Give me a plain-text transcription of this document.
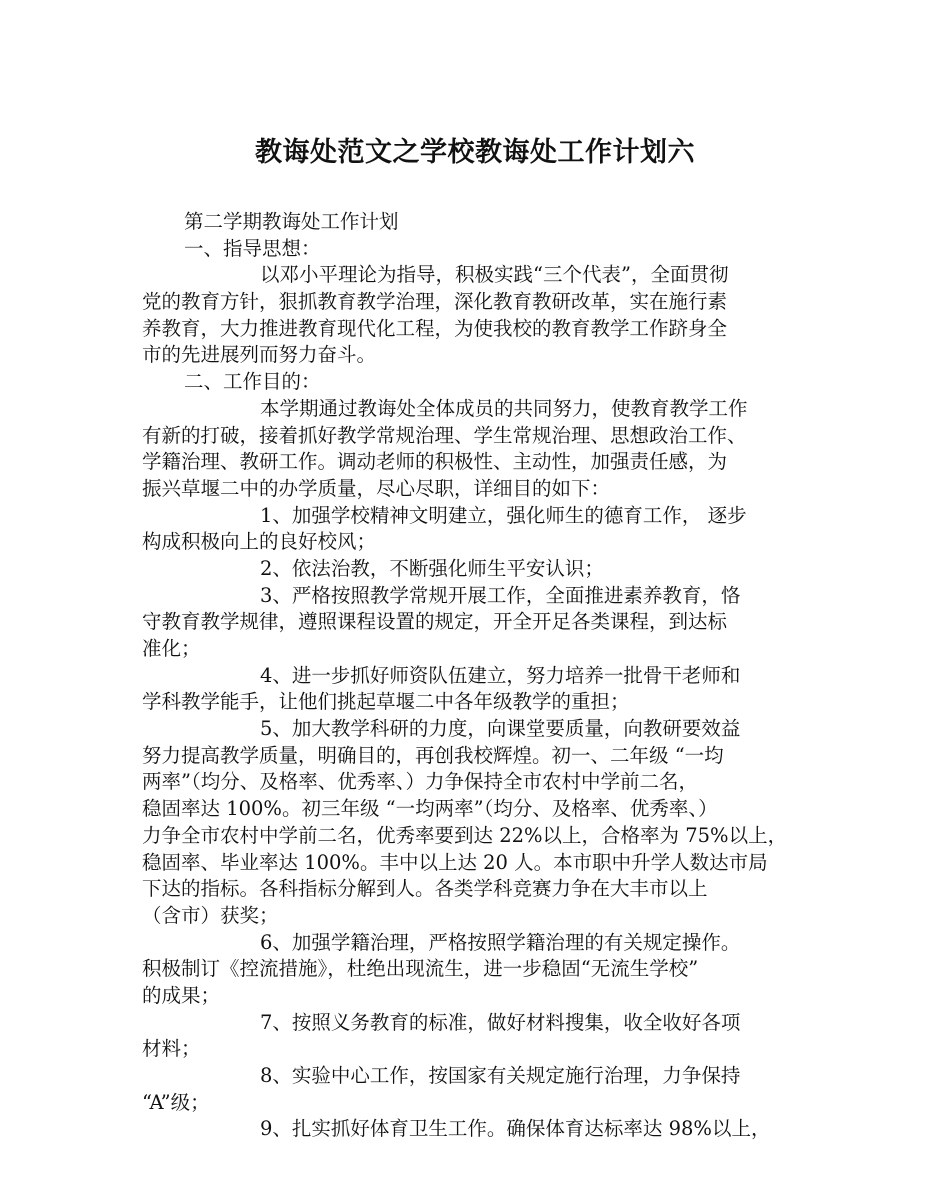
教诲处范文之学校教诲处工作计划六
第二学期教诲处工作计划
一、指导思想：
以邓小平理论为指导，积极实践“三个代表”，全面贯彻
党的教育方针，狠抓教育教学治理，深化教育教研改革，实在施行素
养教育，大力推进教育现代化工程，为使我校的教育教学工作跻身全
市的先进展列而努力奋斗。
二、工作目的：
本学期通过教诲处全体成员的共同努力，使教育教学工作
有新的打破，接着抓好教学常规治理、学生常规治理、思想政治工作、
学籍治理、教研工作。调动老师的积极性、主动性，加强责任感，为
振兴草堰二中的办学质量，尽心尽职，详细目的如下：
1、加强学校精神文明建立，强化师生的德育工作， 逐步
构成积极向上的良好校风；
2、依法治教，不断强化师生平安认识；
3、严格按照教学常规开展工作，全面推进素养教育，恪
守教育教学规律，遵照课程设置的规定，开全开足各类课程，到达标
准化；
4、进一步抓好师资队伍建立，努力培养一批骨干老师和
学科教学能手，让他们挑起草堰二中各年级教学的重担；
5、加大教学科研的力度，向课堂要质量，向教研要效益
努力提高教学质量，明确目的，再创我校辉煌。初一、二年级 “一均
两率”（均分、及格率、优秀率、）力争保持全市农村中学前二名，
稳固率达 100%。初三年级 “一均两率”（均分、及格率、优秀率、）
力争全市农村中学前二名，优秀率要到达 22%以上，合格率为 75%以上，
稳固率、毕业率达 100%。丰中以上达 20 人。本市职中升学人数达市局
下达的指标。各科指标分解到人。各类学科竞赛力争在大丰市以上
（含市）获奖；
6、加强学籍治理，严格按照学籍治理的有关规定操作。
积极制订《控流措施》，杜绝出现流生，进一步稳固“无流生学校”
的成果；
7、按照义务教育的标准，做好材料搜集，收全收好各项
材料；
8、实验中心工作，按国家有关规定施行治理，力争保持
“A”级；
9、扎实抓好体育卫生工作。确保体育达标率达 98%以上，
